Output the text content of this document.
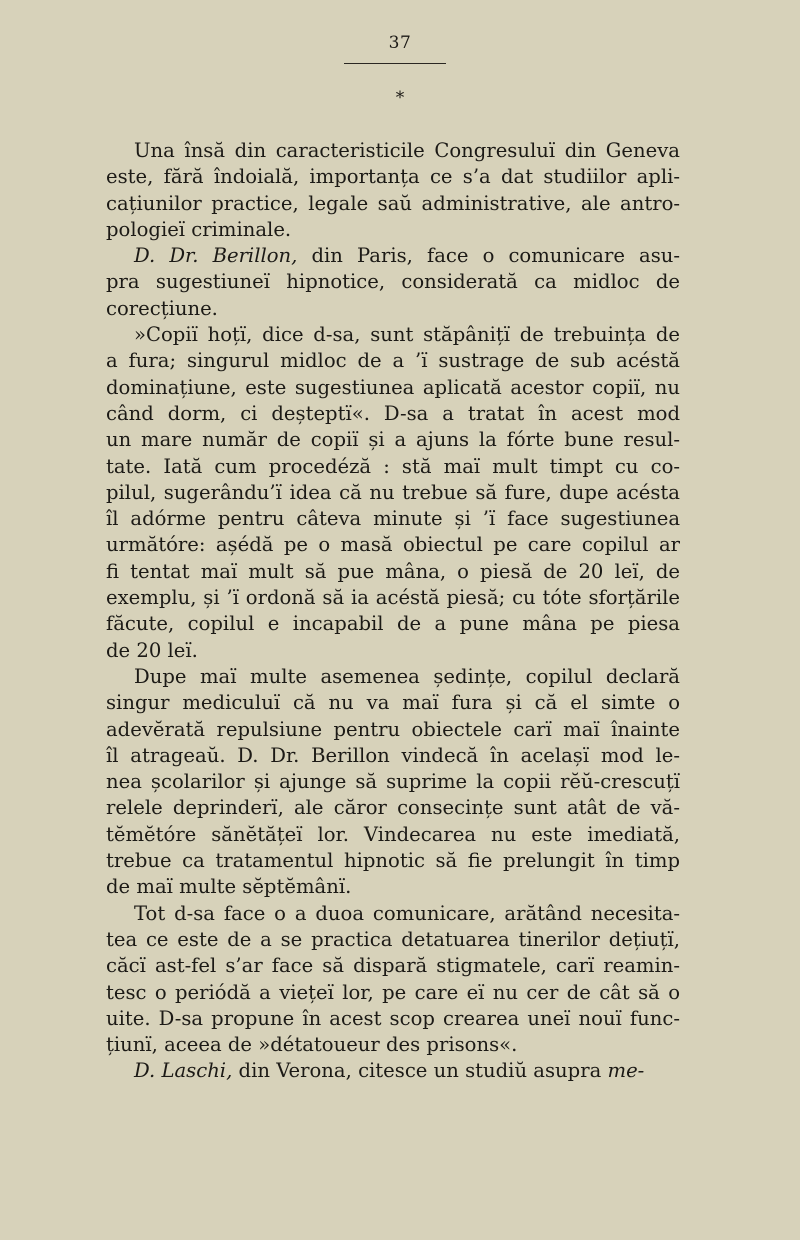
37
*
Una însă din caracteristicile Congresuluï din Geneva
este, fără îndoială, importanța ce s’a dat studiilor apli-
cațiunilor practice, legale saŭ administrative, ale antro-
pologieï criminale.
D. Dr. Berillon, din Paris, face o comunicare asu-
pra sugestiuneï hipnotice, considerată ca midloc de
corecțiune.
»Copiï hoțï, dice d-sa, sunt stăpânițï de trebuința de
a fura; singurul midloc de a ’ï sustrage de sub acéstă
dominațiune, este sugestiunea aplicată acestor copiï, nu
când dorm, ci deșteptï«. D-sa a tratat în acest mod
un mare număr de copiï și a ajuns la fórte bune resul-
tate. Iată cum procedéză : stă maï mult timpt cu co-
pilul, sugerându’ï idea că nu trebue să fure, dupe acésta
îl adórme pentru câteva minute și ’ï face sugestiunea
următóre: așédă pe o masă obiectul pe care copilul ar
fi tentat maï mult să pue mâna, o piesă de 20 leï, de
exemplu, și ’ï ordonă să ia acéstă piesă; cu tóte sforțările
făcute, copilul e incapabil de a pune mâna pe piesa
de 20 leï.
Dupe maï multe asemenea ședințe, copilul declară
singur mediculuï că nu va maï fura și că el simte o
adevĕrată repulsiune pentru obiectele carï maï înainte
îl atrageaŭ. D. Dr. Berillon vindecă în acelașï mod le-
nea școlarilor și ajunge să suprime la copii rĕŭ-crescuțï
relele deprinderï, ale căror consecințe sunt atât de vă-
tĕmĕtóre sănĕtățeï lor. Vindecarea nu este imediată,
trebue ca tratamentul hipnotic să fie prelungit în timp
de maï multe sĕptĕmânï.
Tot d-sa face o a duoa comunicare, arătând necesita-
tea ce este de a se practica detatuarea tinerilor dețiuțï,
căcï ast-fel s’ar face să dispară stigmatele, carï reamin-
tesc o periódă a viețeï lor, pe care eï nu cer de cât să o
uite. D-sa propune în acest scop crearea uneï nouï func-
țiunï, aceea de »détatoueur des prisons«.
D. Laschi, din Verona, citesce un studiŭ asupra me-
